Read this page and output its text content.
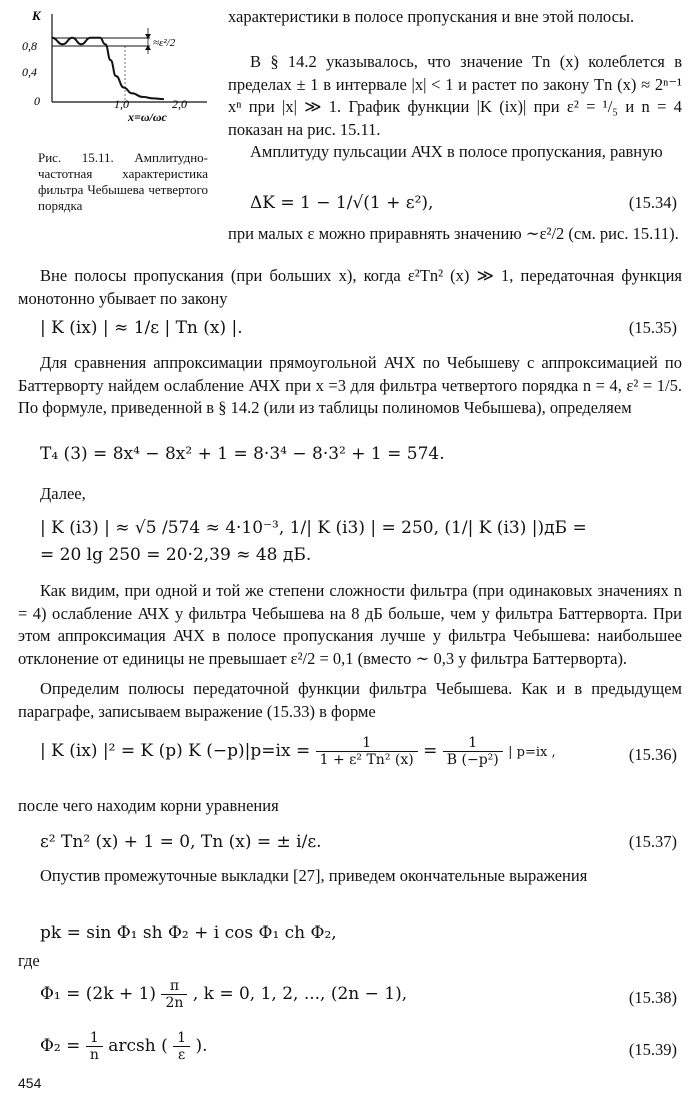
K
0,8
0,4
0	1,0	2,0
x=ω/ωc
≈ε²/2
Рис. 15.11. Амплитудно-частотная характеристика фильтра Чебышева четвертого порядка

характеристики в полосе пропускания и вне этой полосы.

В § 14.2 указывалось, что значение Tn (x) колеблется в пределах ± 1 в интервале |x| < 1 и растет по закону Tn (x) ≈ 2ⁿ⁻¹ xⁿ при |x| ≫ 1. График функции |K (ix)| при ε² = ¹/₅ и n = 4 показан на рис. 15.11.

Амплитуду пульсации АЧХ в полосе пропускания, равную

ΔK = 1 − 1/√(1 + ε²),	(15.34)

при малых ε можно приравнять значению ∼ε²/2 (см. рис. 15.11).

Вне полосы пропускания (при больших x), когда ε²Tn² (x) ≫ 1, передаточная функция монотонно убывает по закону

| K (ix) | ≈ 1/ε | Tn (x) |.	(15.35)

Для сравнения аппроксимации прямоугольной АЧХ по Чебышеву с аппроксимацией по Баттерворту найдем ослабление АЧХ при x =3 для фильтра четвертого порядка n = 4, ε² = 1/5. По формуле, приведенной в § 14.2 (или из таблицы полиномов Чебышева), определяем

T₄ (3) = 8x⁴ − 8x² + 1 = 8·3⁴ − 8·3² + 1 = 574.

Далее,

| K (i3) | ≈ √5 /574 ≈ 4·10⁻³, 1/| K (i3) | = 250, (1/| K (i3) |)дБ =
= 20 lg 250 = 20·2,39 ≈ 48 дБ.

Как видим, при одной и той же степени сложности фильтра (при одинаковых значениях n = 4) ослабление АЧХ у фильтра Чебышева на 8 дБ больше, чем у фильтра Баттерворта. При этом аппроксимация АЧХ в полосе пропускания лучше у фильтра Чебышева: наибольшее отклонение от единицы не превышает ε²/2 = 0,1 (вместо ∼ 0,3 у фильтра Баттерворта).

Определим полюсы передаточной функции фильтра Чебышева. Как и в предыдущем параграфе, записываем выражение (15.33) в форме

| K (ix) |² = K (p) K $(-p)|p=ix = \frac{1}{\text{1 + ε² Tn² (x)}} = \frac{1}{\text{B (−p²)}}$ | p=ix ,	(15.36)

после чего находим корни уравнения

ε² Tn² (x) + 1 = 0, Tn (x) = ± i/ε.	(15.37)

Опустив промежуточные выкладки [27], приведем окончательные выражения

pk = sin Φ₁ sh Φ₂ + i cos Φ₁ ch Φ₂,

где

$\Phi_1 = (2k + 1) \frac{\pi}{2n}$ , k = 0, 1, 2, ..., (2n − 1),	(15.38)
$\Phi_2 = \frac{1}{n}$ arcsh ( $\frac{1}{\varepsilon}$ ).	(15.39)
454
